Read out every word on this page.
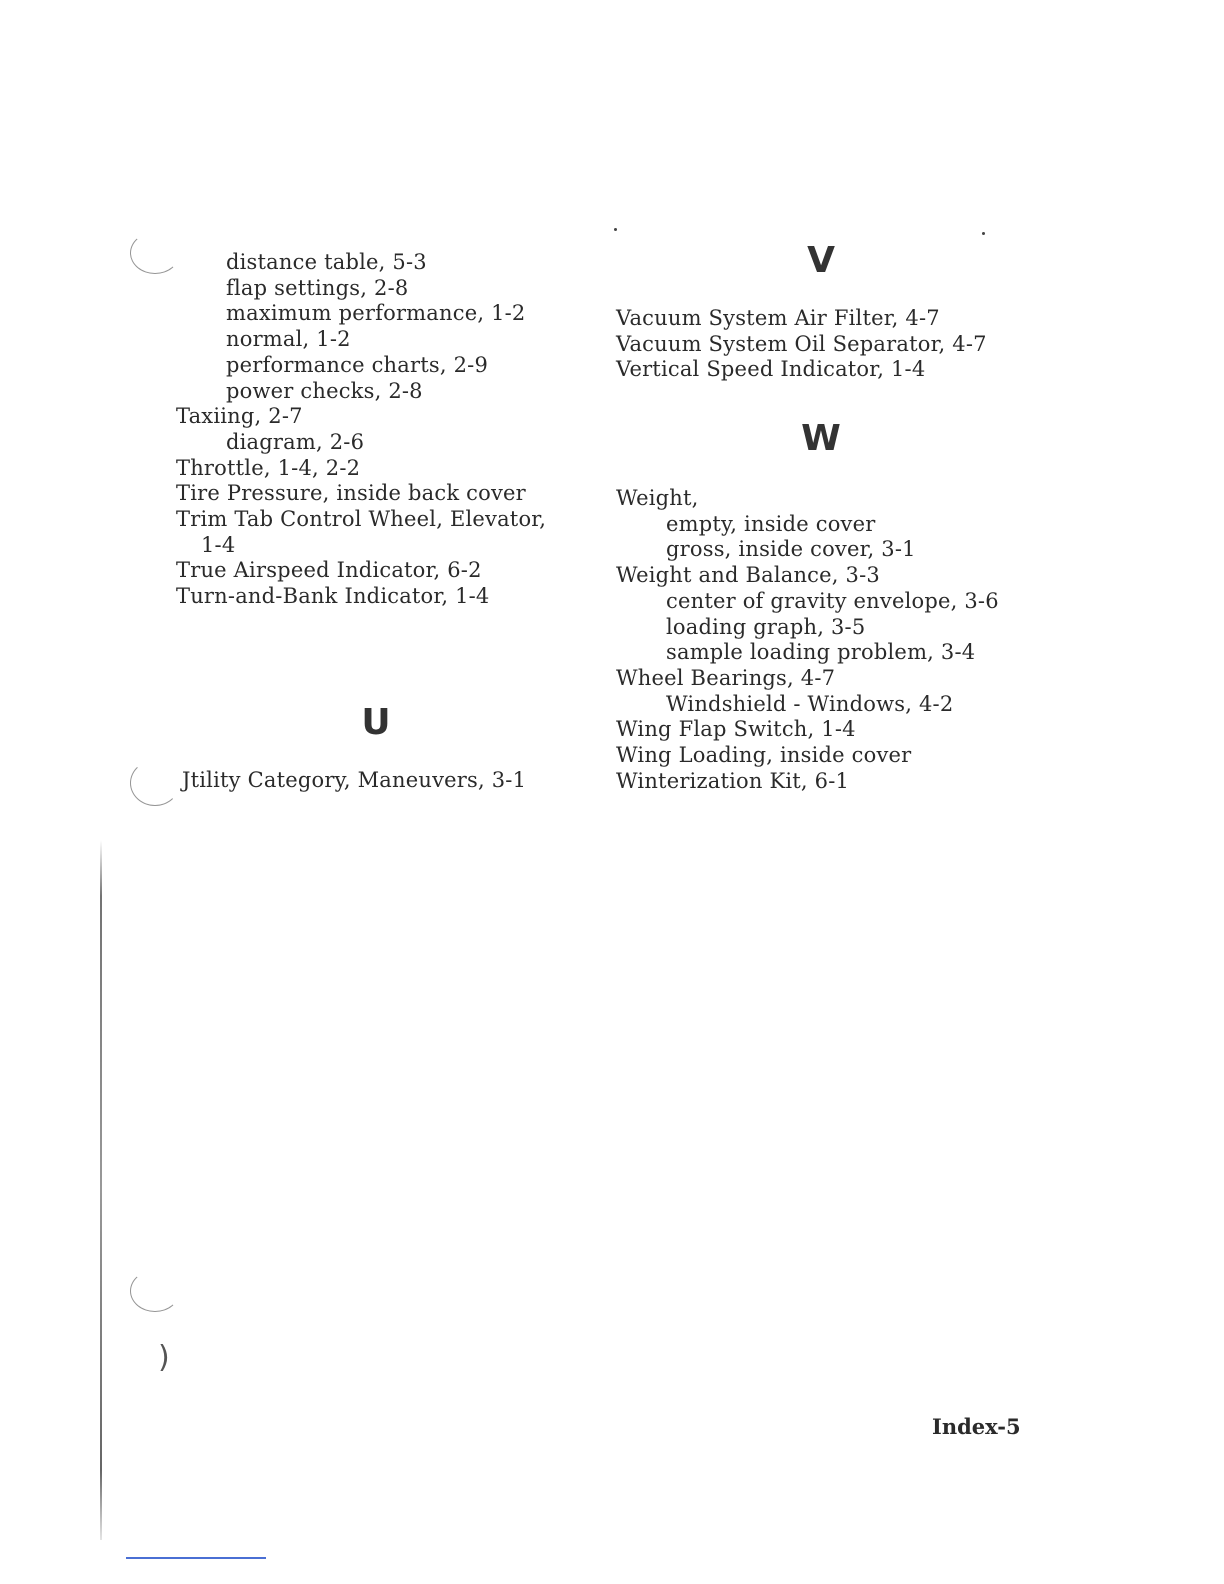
)
distance table, 5-3
flap settings, 2-8
maximum performance, 1-2
normal, 1-2
performance charts, 2-9
power checks, 2-8
Taxiing, 2-7
diagram, 2-6
Throttle, 1-4, 2-2
Tire Pressure, inside back cover
Trim Tab Control Wheel, Elevator,
1-4
True Airspeed Indicator, 6-2
Turn-and-Bank Indicator, 1-4
U
Jtility Category, Maneuvers, 3-1
V
Vacuum System Air Filter, 4-7
Vacuum System Oil Separator, 4-7
Vertical Speed Indicator, 1-4
W
Weight,
empty, inside cover
gross, inside cover, 3-1
Weight and Balance, 3-3
center of gravity envelope, 3-6
loading graph, 3-5
sample loading problem, 3-4
Wheel Bearings, 4-7
Windshield - Windows, 4-2
Wing Flap Switch, 1-4
Wing Loading, inside cover
Winterization Kit, 6-1
Index-5
